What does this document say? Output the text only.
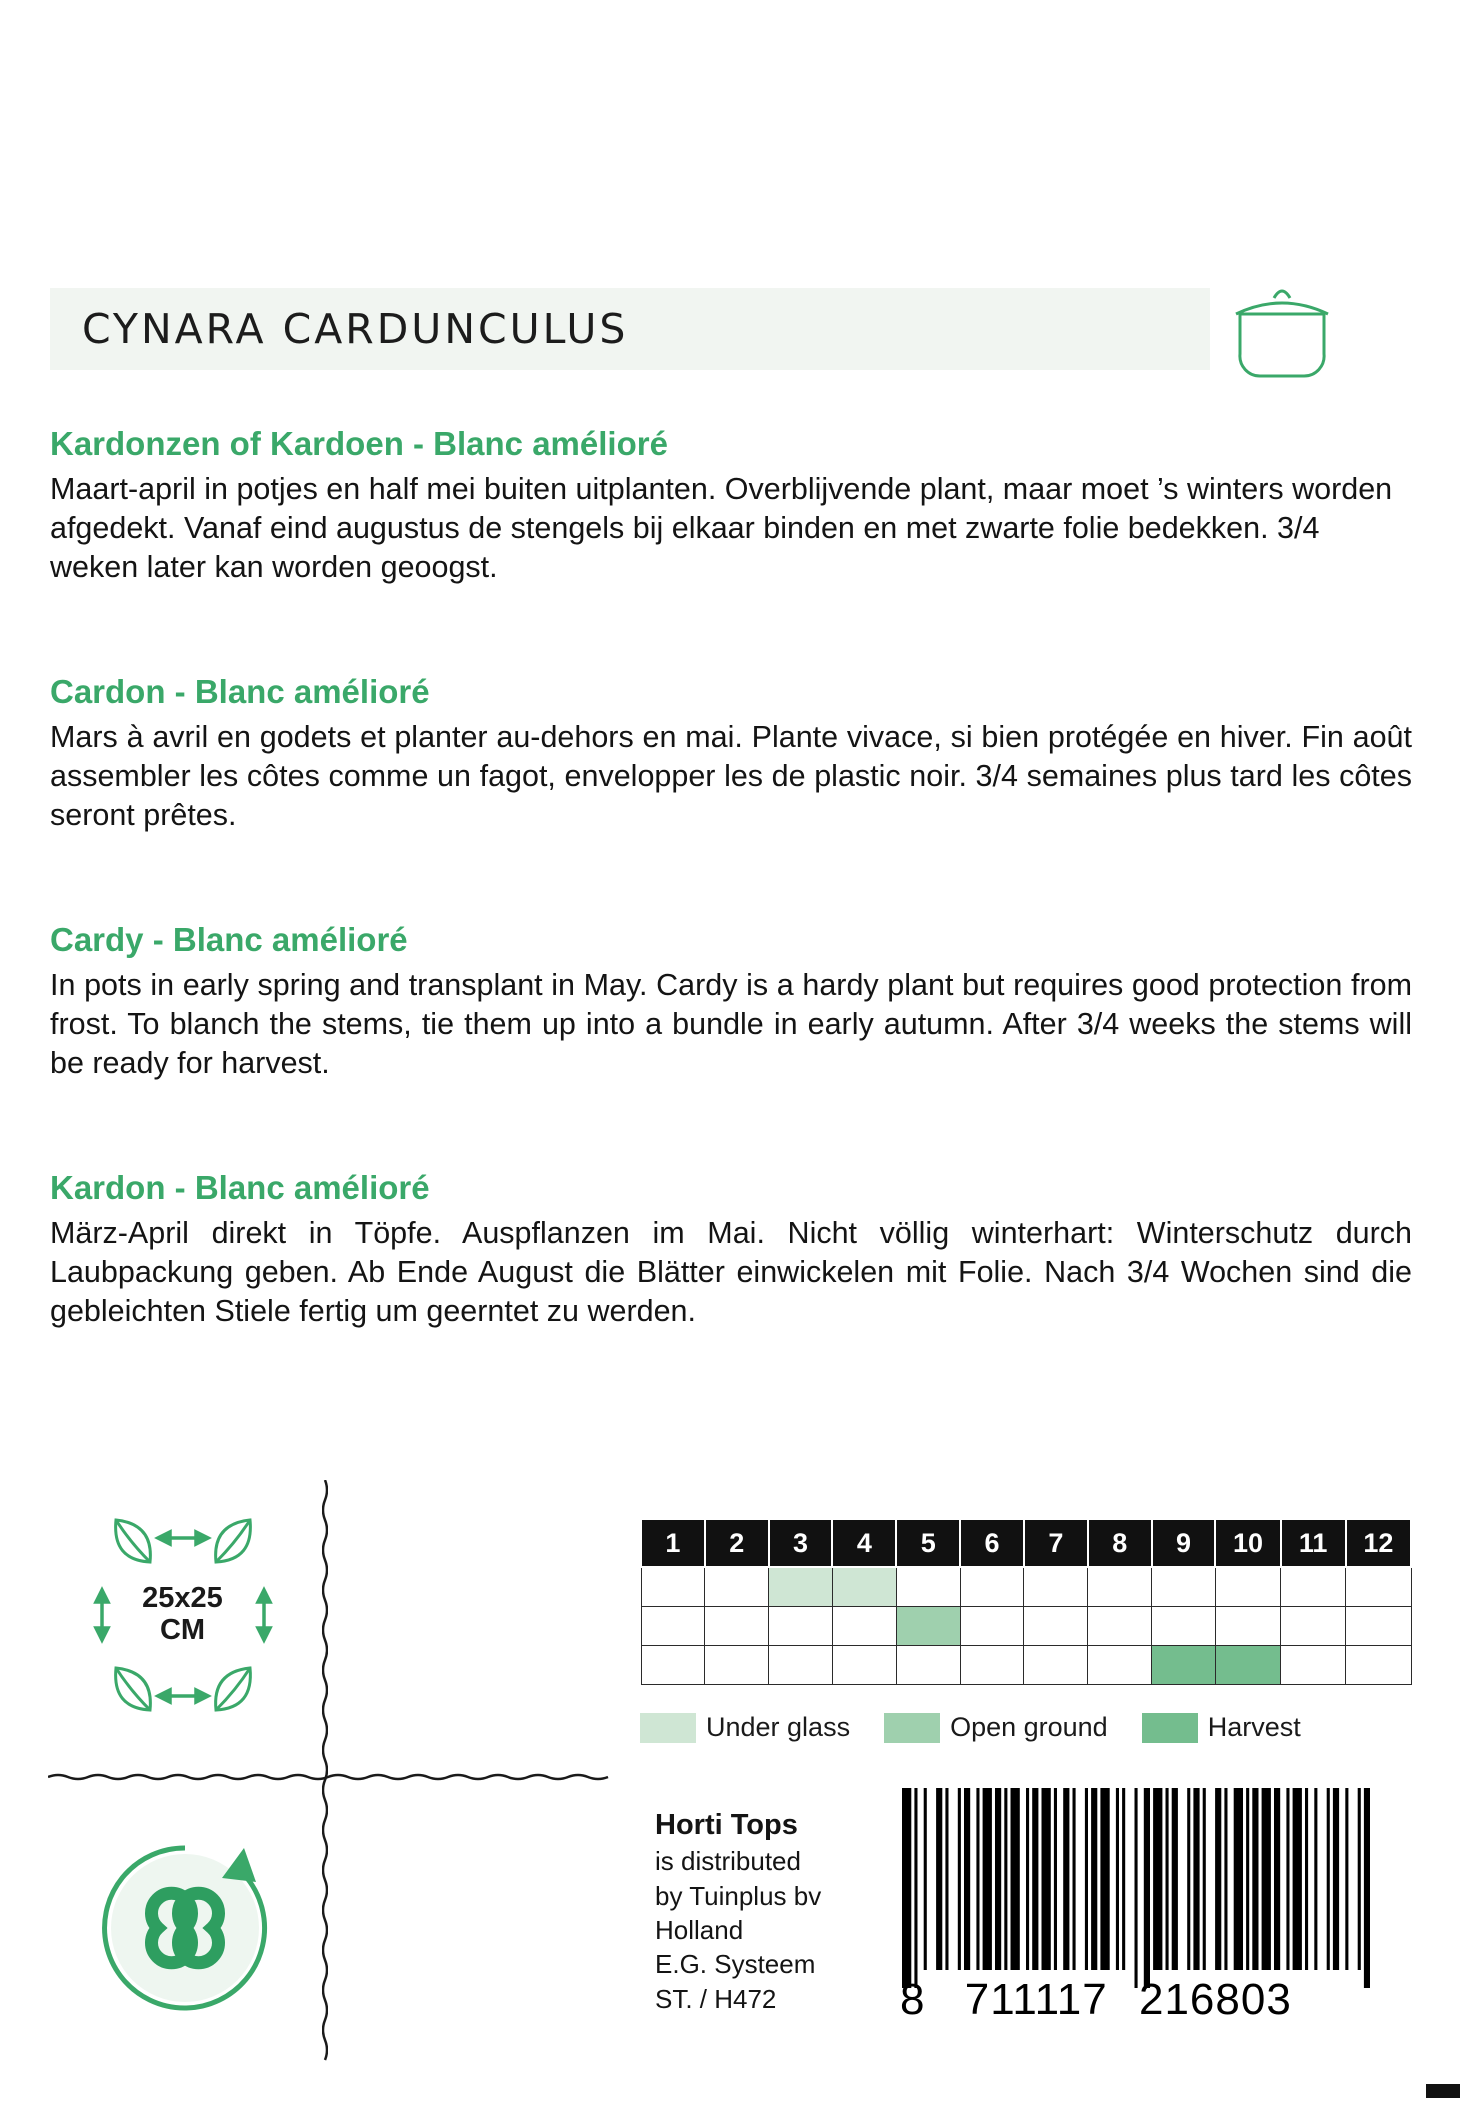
CYNARA CARDUNCULUS
Kardonzen of Kardoen - Blanc amélioré

Maart-april in potjes en half mei buiten uitplanten. Overblijvende plant, maar moet ’s winters worden afgedekt. Vanaf eind augustus de stengels bij elkaar binden en met zwarte folie bedekken. 3/4 weken later kan worden geoogst.

Cardon - Blanc amélioré

Mars à avril en godets et planter au-dehors en mai. Plante vivace, si bien protégée en hiver. Fin août assembler les côtes comme un fagot, envelopper les de plastic noir. 3/4 semaines plus tard les côtes seront prêtes.

Cardy - Blanc amélioré

In pots in early spring and transplant in May. Cardy is a hardy plant but requires good protection from frost. To blanch the stems, tie them up into a bundle in early autumn. After 3/4 weeks the stems will be ready for harvest.

Kardon - Blanc amélioré

März-April direkt in Töpfe. Auspflanzen im Mai. Nicht völlig winterhart: Winterschutz durch Laubpackung geben. Ab Ende August die Blätter einwickelen mit Folie. Nach 3/4 Wochen sind die gebleichten Stiele fertig um geerntet zu werden.

25x25
CM
1	2	3	4	5	6	7	8	9	10	11	12

Under glass	Open ground	Harvest
Horti Tops
is distributed
by Tuinplus bv
Holland
E.G. Systeem
ST. / H472	8 711117 216803
